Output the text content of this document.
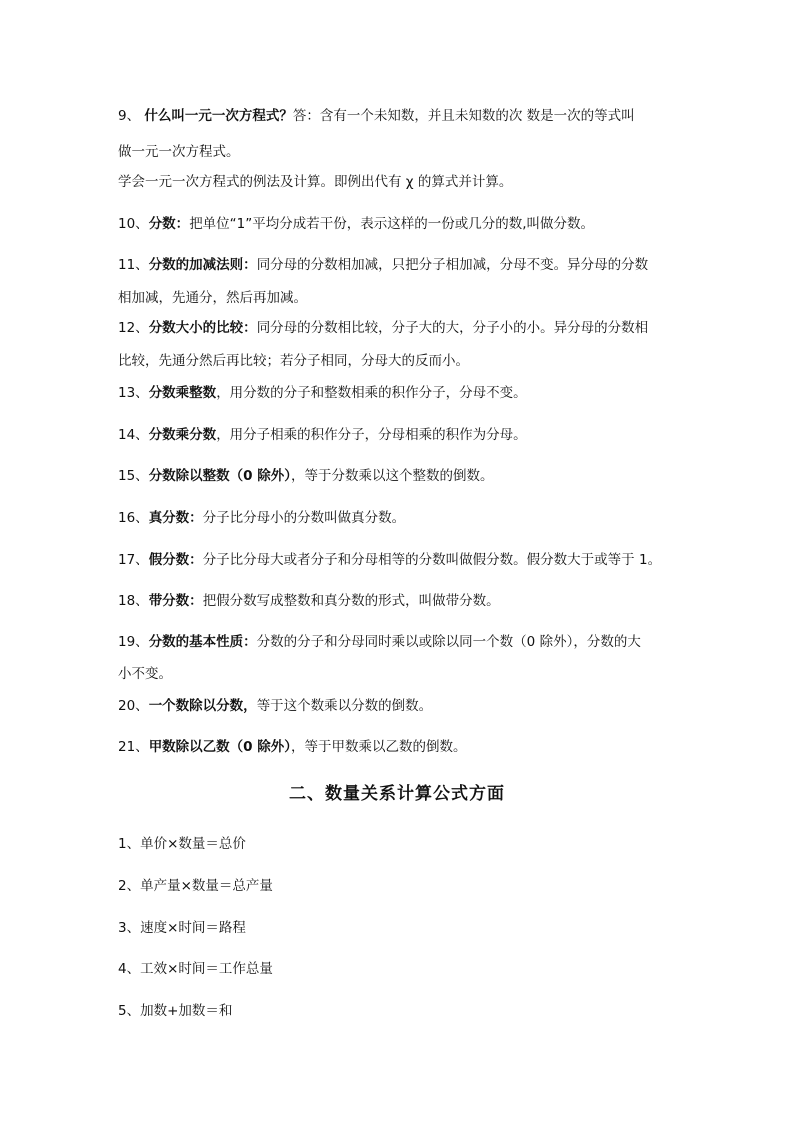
9、 什么叫一元一次方程式？答：含有一个未知数，并且未知数的次 数是一次的等式叫
做一元一次方程式。
学会一元一次方程式的例法及计算。即例出代有 χ 的算式并计算。
10、分数：把单位“1”平均分成若干份，表示这样的一份或几分的数,叫做分数。
11、分数的加减法则：同分母的分数相加减，只把分子相加减，分母不变。异分母的分数
相加减，先通分，然后再加减。
12、分数大小的比较：同分母的分数相比较，分子大的大，分子小的小。异分母的分数相
比较，先通分然后再比较；若分子相同，分母大的反而小。
13、分数乘整数，用分数的分子和整数相乘的积作分子，分母不变。
14、分数乘分数，用分子相乘的积作分子，分母相乘的积作为分母。
15、分数除以整数（0 除外），等于分数乘以这个整数的倒数。
16、真分数：分子比分母小的分数叫做真分数。
17、假分数：分子比分母大或者分子和分母相等的分数叫做假分数。假分数大于或等于 1。
18、带分数：把假分数写成整数和真分数的形式，叫做带分数。
19、分数的基本性质：分数的分子和分母同时乘以或除以同一个数（0 除外），分数的大
小不变。
20、一个数除以分数，等于这个数乘以分数的倒数。
21、甲数除以乙数（0 除外），等于甲数乘以乙数的倒数。
二、数量关系计算公式方面
1、单价×数量＝总价
2、单产量×数量＝总产量
3、速度×时间＝路程
4、工效×时间＝工作总量
5、加数+加数＝和
